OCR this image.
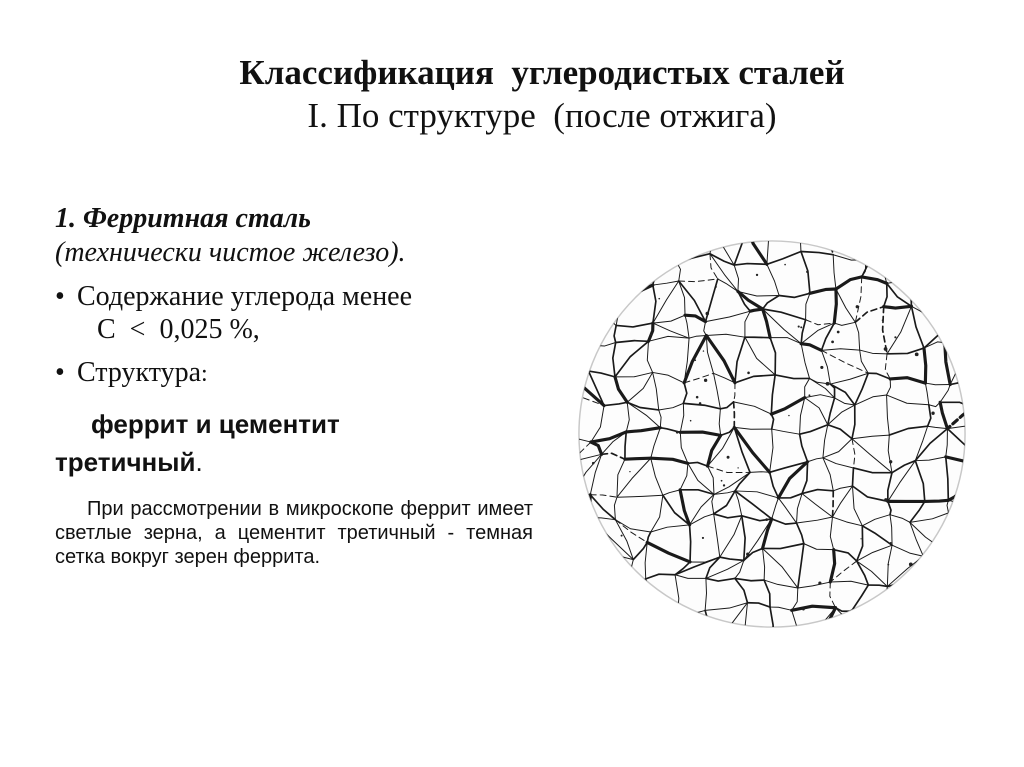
Классификация  углеродистых сталей
I. По структуре  (после отжига)
1. Ферритная сталь
(технически чистое железо).
• Содержание углерода менее
С  <  0,025 %,
• Структура:
феррит и цементит
третичный.
При рассмотрении в микроскопе феррит имеет светлые зерна, а цементит третичный - темная сетка вокруг зерен феррита.
